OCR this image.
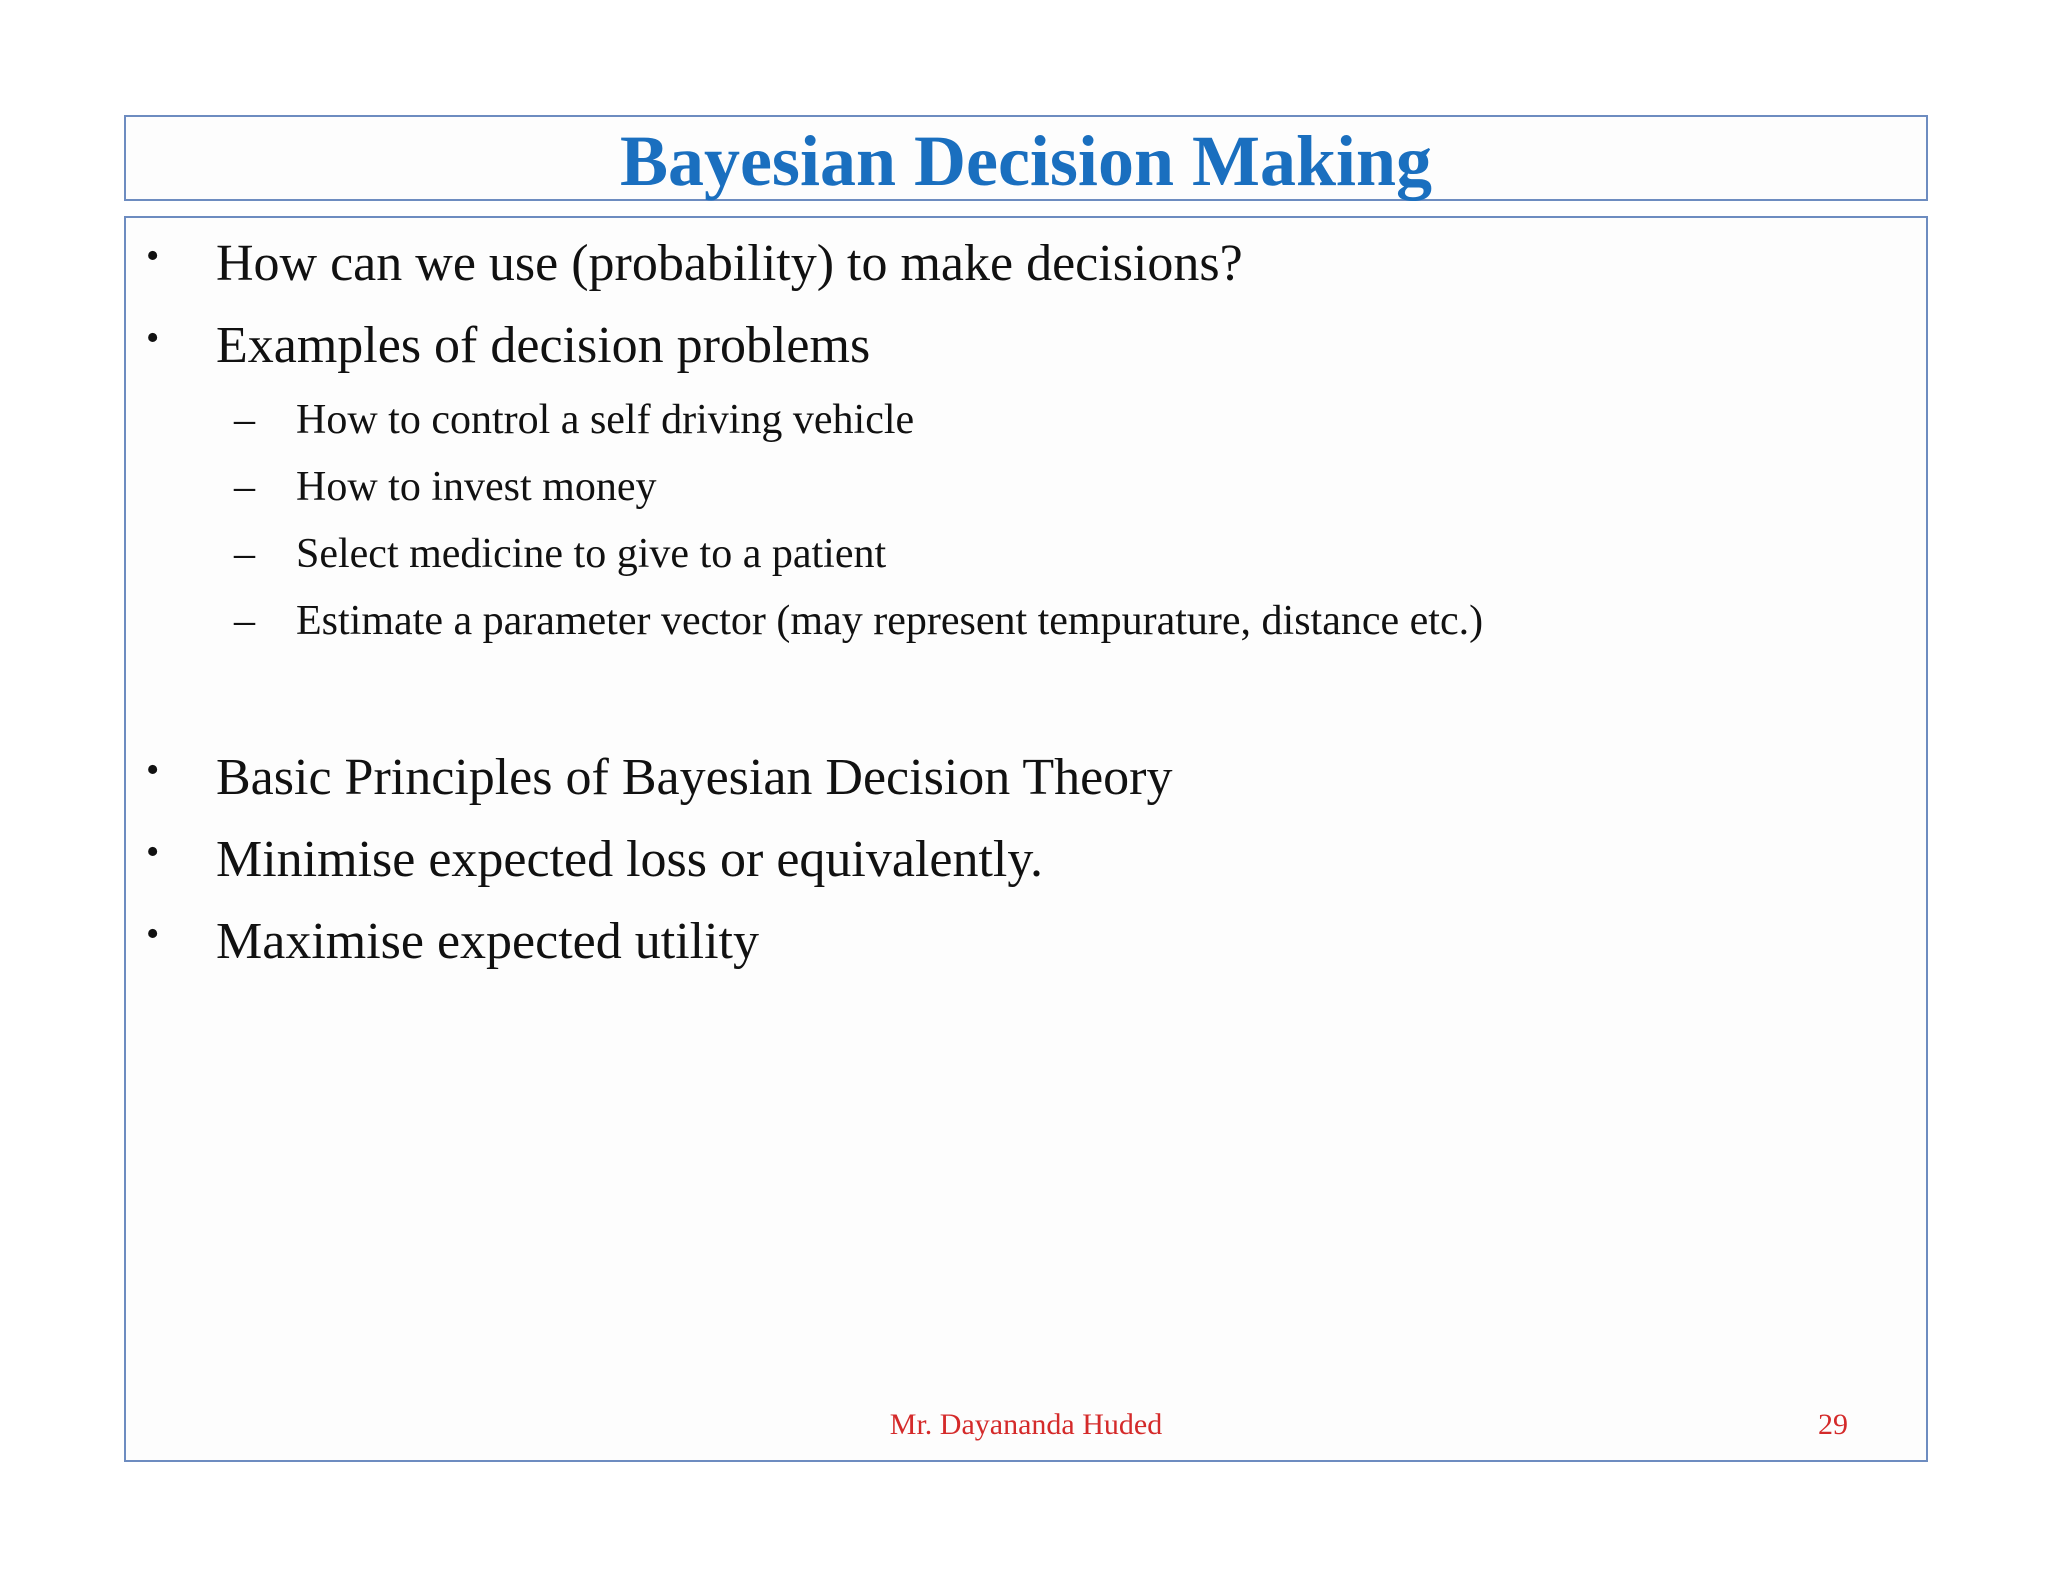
Bayesian Decision Making
• How can we use (probability) to make decisions?
• Examples of decision problems
– How to control a self driving vehicle
– How to invest money
– Select medicine to give to a patient
– Estimate a parameter vector (may represent tempurature, distance etc.)
• Basic Principles of Bayesian Decision Theory
• Minimise expected loss or equivalently.
• Maximise expected utility
Mr. Dayananda Huded	29
